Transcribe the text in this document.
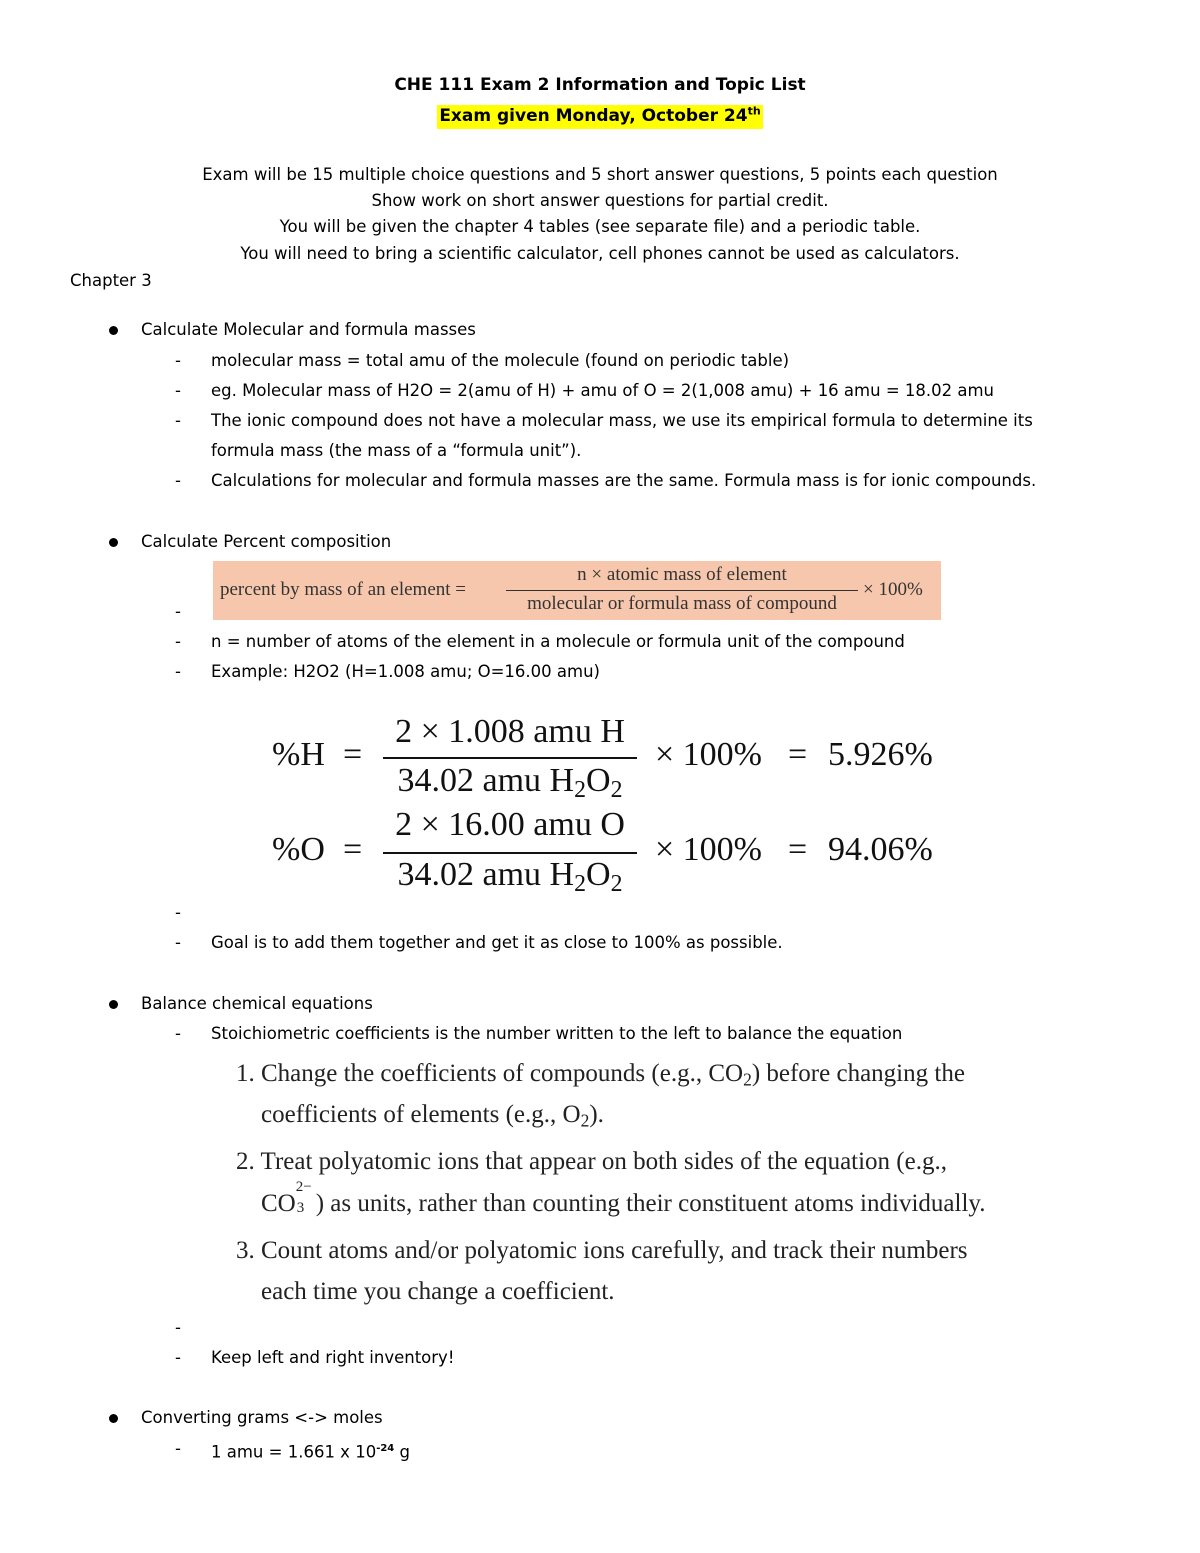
CHE 111 Exam 2 Information and Topic List
Exam given Monday, October 24th
Exam will be 15 multiple choice questions and 5 short answer questions, 5 points each question
Show work on short answer questions for partial credit.
You will be given the chapter 4 tables (see separate file) and a periodic table.
You will need to bring a scientific calculator, cell phones cannot be used as calculators.
Chapter 3
Calculate Molecular and formula masses
- molecular mass = total amu of the molecule (found on periodic table)
- eg. Molecular mass of H2O = 2(amu of H) + amu of O = 2(1,008 amu) + 16 amu = 18.02 amu
- The ionic compound does not have a molecular mass, we use its empirical formula to determine its
formula mass (the mass of a “formula unit”).
- Calculations for molecular and formula masses are the same. Formula mass is for ionic compounds.
Calculate Percent composition
percent by mass of an element =
n × atomic mass of element
molecular or formula mass of compound
× 100%
-
- n = number of atoms of the element in a molecule or formula unit of the compound
- Example: H2O2 (H=1.008 amu; O=16.00 amu)
%H =
2 × 1.008 amu H
34.02 amu $H_2O_2$
× 100% = 5.926%
%O =
2 × 16.00 amu O
34.02 amu $H_2O_2$
× 100% = 94.06%
-
- Goal is to add them together and get it as close to 100% as possible.
Balance chemical equations
- Stoichiometric coefficients is the number written to the left to balance the equation
1. Change the coefficients of compounds (e.g., $CO_2$) before changing the
coefficients of elements (e.g., $O_2$).
2. Treat polyatomic ions that appear on both sides of the equation (e.g.,
CO
2−
3 ) as units, rather than counting their constituent atoms individually.
3. Count atoms and/or polyatomic ions carefully, and track their numbers
each time you change a coefficient.
-
- Keep left and right inventory!
Converting grams <-> moles
- 1 amu = 1.661 x $10^{-24}$ g
